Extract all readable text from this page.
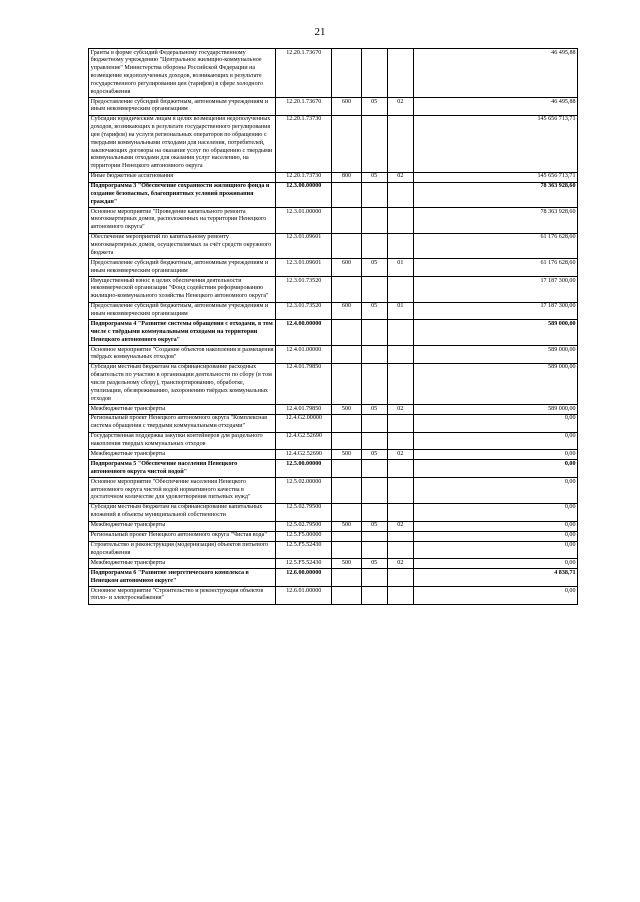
21
Гранты в форме субсидий Федеральному государственному бюджетному учреждению "Центральное жилищно-коммунальное управление" Министерства обороны Российской Федерации на возмещение недополученных доходов, возникающих в результате государственного регулирования цен (тарифов) в сфере холодного водоснабжения	12.20.1.73670				46 495,88
Предоставление субсидий бюджетным, автономным учреждениям и иным некоммерческим организациям	12.20.1.73670	600	05	02	46 495,88
Субсидии юридическим лицам в целях возмещения недополученных доходов, возникающих в результате государственного регулирования цен (тарифов) на услуги региональных операторов по обращению с твердыми коммунальными отходами для населения, потребителей, заключающих договоры на оказание услуг по обращению с твердыми коммунальными отходами для оказания услуг населению, на территории Ненецкого автономного округа	12.20.1.73730				145 656 713,71
Иные бюджетные ассигнования	12.20.1.73730	800	05	02	145 656 713,71
Подпрограмма 3 "Обеспечение сохранности жилищного фонда и создание безопасных, благоприятных условий проживания граждан"	12.3.00.00000				78 363 928,60
Основное мероприятие "Проведение капитального ремонта многоквартирных домов, расположенных на территории Ненецкого автономного округа"	12.3.01.00000				78 363 928,60
Обеспечение мероприятий по капитальному ремонту многоквартирных домов, осуществляемых за счёт средств окружного бюджета	12.3.01.09601				61 176 628,60
Предоставление субсидий бюджетным, автономным учреждениям и иным некоммерческим организациям	12.3.01.09601	600	05	01	61 176 628,60
Имущественный взнос в целях обеспечения деятельности некоммерческой организации "Фонд содействия реформированию жилищно-коммунального хозяйства Ненецкого автономного округа"	12.3.01.73520				17 187 300,00
Предоставление субсидий бюджетным, автономным учреждениям и иным некоммерческим организациям	12.3.01.73520	600	05	01	17 187 300,00
Подпрограмма 4 "Развитие системы обращения с отходами, в том числе с твёрдыми коммунальными отходами на территории Ненецкого автономного округа"	12.4.00.00000				589 000,00
Основное мероприятие "Создание объектов накопления и размещения твёрдых коммунальных отходов"	12.4.01.00000				589 000,00
Субсидии местным бюджетам на софинансирование расходных обязательств по участию в организации деятельности по сбору (в том числе раздельному сбору), транспортированию, обработке, утилизации, обезвреживанию, захоронению твёрдых коммунальных отходов	12.4.01.79850				589 000,00
Межбюджетные трансферты	12.4.01.79850	500	05	02	589 000,00
Региональный проект Ненецкого автономного округа "Комплексная система обращения с твердыми коммунальными отходами"	12.4.G2.00000				0,00
Государственная поддержка закупки контейнеров для раздельного накопления твердых коммунальных отходов	12.4.G2.52690				0,00
Межбюджетные трансферты	12.4.G2.52690	500	05	02	0,00
Подпрограмма 5 "Обеспечение населения Ненецкого автономного округа чистой водой"	12.5.00.00000				0,00
Основное мероприятие "Обеспечение населения Ненецкого автономного округа чистой водой нормативного качества в достаточном количестве для удовлетворения питьевых нужд"	12.5.02.00000				0,00
Субсидии местным бюджетам на софинансирование капитальных вложений в объекты муниципальной собственности	12.5.02.79500				0,00
Межбюджетные трансферты	12.5.02.79500	500	05	02	0,00
Региональный проект Ненецкого автономного округа "Чистая вода"	12.5.F5.00000				0,00
Строительство и реконструкция (модернизация) объектов питьевого водоснабжения	12.5.F5.52430				0,00
Межбюджетные трансферты	12.5.F5.52430	500	05	02	0,00
Подпрограмма 6 "Развитие энергетического комплекса в Ненецком автономном округе"	12.6.00.00000				4 838,71
Основное мероприятие "Строительство и реконструкция объектов тепло- и электроснабжения"	12.6.01.00000				0,00
